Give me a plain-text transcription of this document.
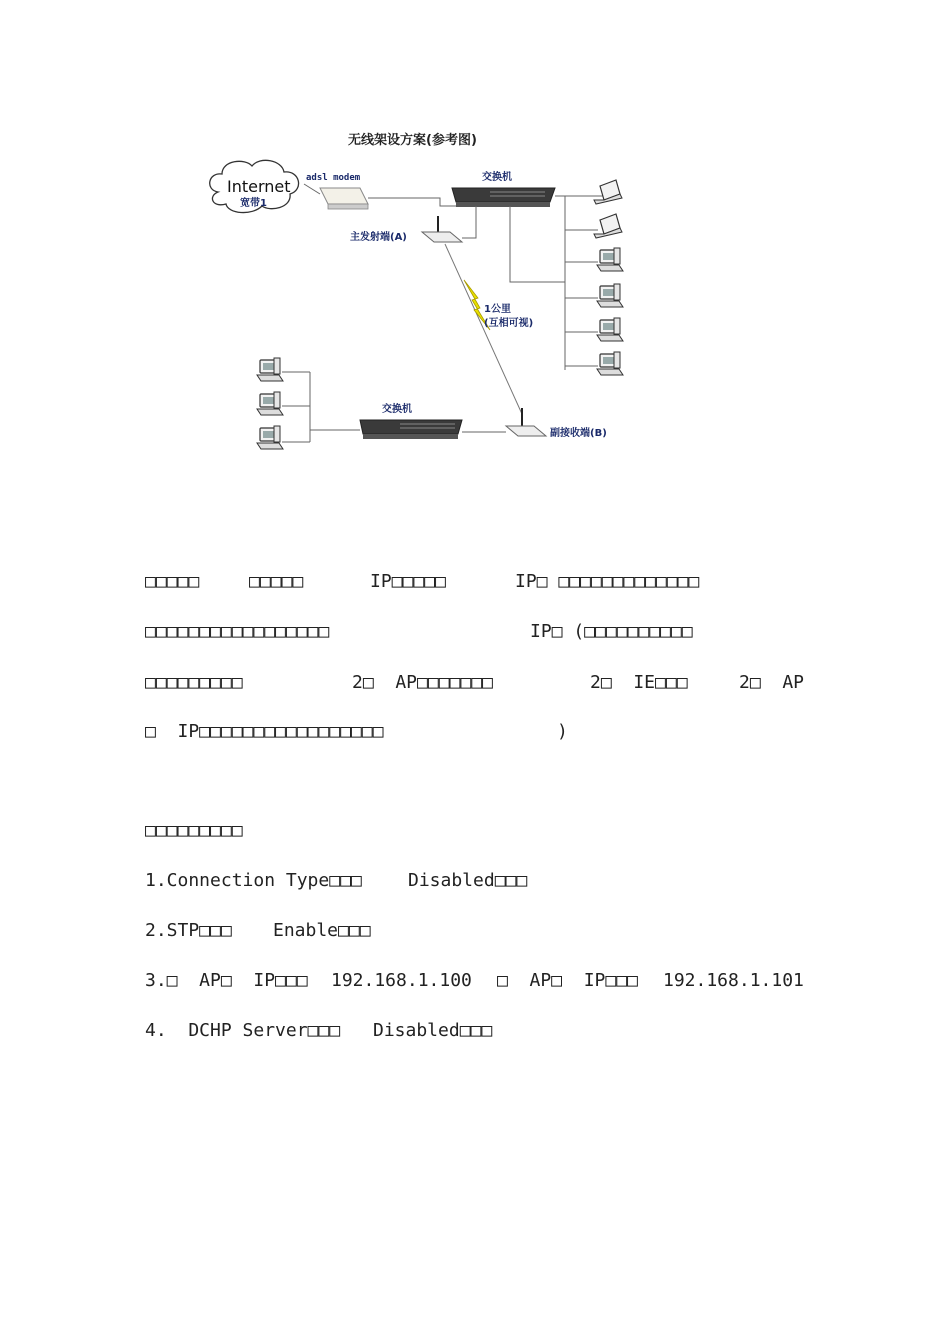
无线架设方案(参考图)
Internet
宽带1
adsl modem	交换机
主发射端(A)
1公里
(互相可视)
交换机
副接收端(B)
□□□□□	□□□□□	IP□□□□□	IP□ □□□□□□□□□□□□□
□□□□□□□□□□□□□□□□□	IP□ (□□□□□□□□□□
□□□□□□□□□	2□  AP□□□□□□□	2□  IE□□□	2□  AP
□  IP□□□□□□□□□□□□□□□□□	)
□□□□□□□□□
1.Connection Type□□□	Disabled□□□
2.STP□□□ Enable□□□
3.□  AP□  IP□□□ 192.168.1.100 □  AP□  IP□□□ 192.168.1.101
4.  DCHP Server□□□ Disabled□□□
